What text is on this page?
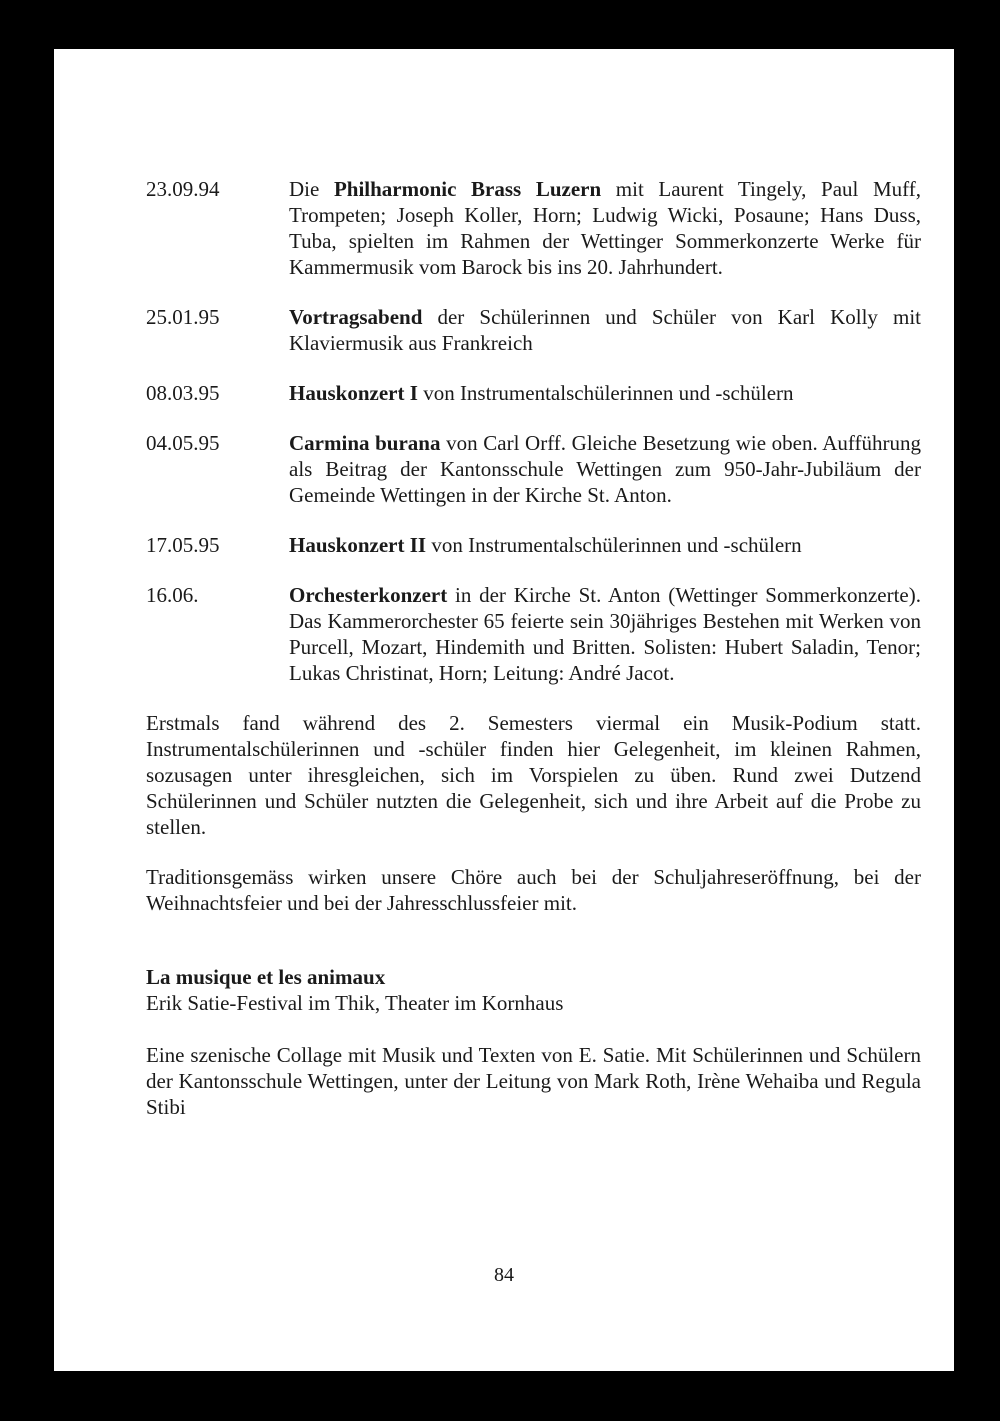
23.09.94	Die Philharmonic Brass Luzern mit Laurent Tingely, Paul Muff, Trompeten; Joseph Koller, Horn; Ludwig Wicki, Posaune; Hans Duss, Tuba, spielten im Rahmen der Wettinger Sommerkonzerte Werke für Kammermusik vom Barock bis ins 20. Jahrhundert.
25.01.95	Vortragsabend der Schülerinnen und Schüler von Karl Kolly mit Klaviermusik aus Frankreich
08.03.95	Hauskonzert I von Instrumentalschülerinnen und -schülern
04.05.95	Carmina burana von Carl Orff. Gleiche Besetzung wie oben. Aufführung als Beitrag der Kantonsschule Wettingen zum 950-Jahr-Jubiläum der Gemeinde Wettingen in der Kirche St. Anton.
17.05.95	Hauskonzert II von Instrumentalschülerinnen und -schülern
16.06.	Orchesterkonzert in der Kirche St. Anton (Wettinger Sommerkonzerte). Das Kammerorchester 65 feierte sein 30jähriges Bestehen mit Werken von Purcell, Mozart, Hindemith und Britten. Solisten: Hubert Saladin, Tenor; Lukas Christinat, Horn; Leitung: André Jacot.
Erstmals fand während des 2. Semesters viermal ein Musik-Podium statt. Instrumentalschülerinnen und -schüler finden hier Gelegenheit, im kleinen Rahmen, sozusagen unter ihresgleichen, sich im Vorspielen zu üben. Rund zwei Dutzend Schülerinnen und Schüler nutzten die Gelegenheit, sich und ihre Arbeit auf die Probe zu stellen.
Traditionsgemäss wirken unsere Chöre auch bei der Schuljahreseröffnung, bei der Weihnachtsfeier und bei der Jahresschlussfeier mit.
La musique et les animaux
Erik Satie-Festival im Thik, Theater im Kornhaus
Eine szenische Collage mit Musik und Texten von E. Satie. Mit Schülerinnen und Schülern der Kantonsschule Wettingen, unter der Leitung von Mark Roth, Irène Wehaiba und Regula Stibi
84
